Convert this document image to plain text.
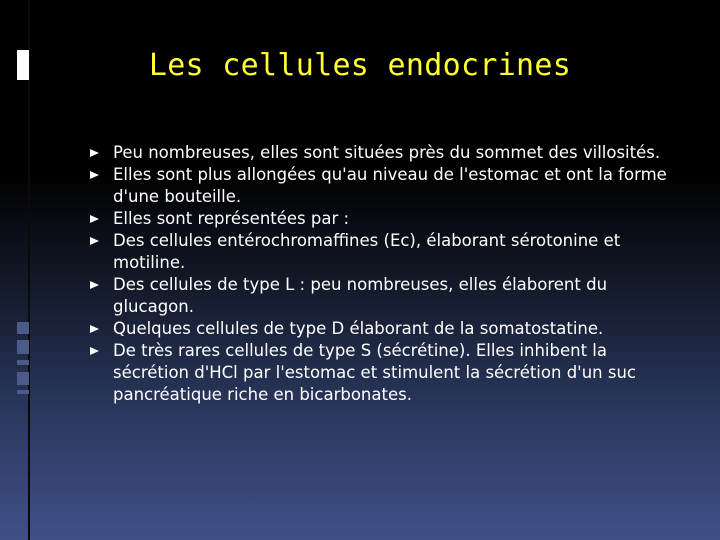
Les cellules endocrines
Peu nombreuses, elles sont situées près du sommet des villosités.
Elles sont plus allongées qu'au niveau de l'estomac et ont la forme d'une bouteille.
Elles sont représentées par :
Des cellules entérochromaffines (Ec), élaborant sérotonine et motiline.
Des cellules de type L : peu nombreuses, elles élaborent du glucagon.
Quelques cellules de type D élaborant de la somatostatine.
De très rares cellules de type S (sécrétine). Elles inhibent la sécrétion d'HCl par l'estomac et stimulent la sécrétion d'un suc pancréatique riche en bicarbonates.
